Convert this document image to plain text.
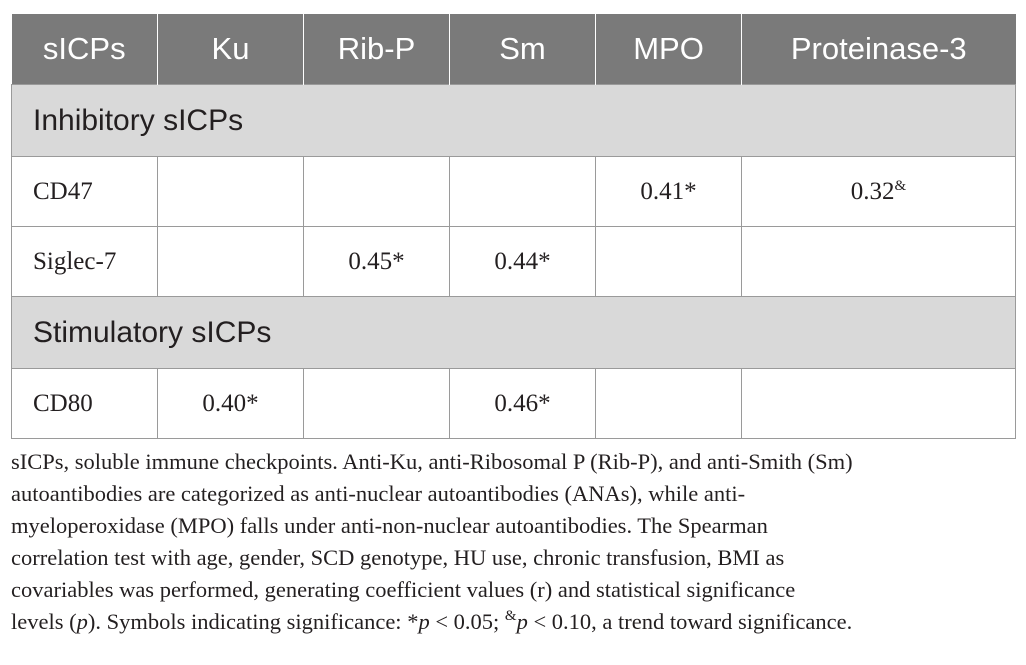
sICPs	Ku	Rib-P	Sm	MPO	Proteinase-3
Inhibitory sICPs					
CD47				0.41*	0.32&
Siglec-7		0.45*	0.44*		
Stimulatory sICPs					
CD80	0.40*		0.46*		
sICPs, soluble immune checkpoints. Anti-Ku, anti-Ribosomal P (Rib-P), and anti-Smith (Sm)
autoantibodies are categorized as anti-nuclear autoantibodies (ANAs), while anti-
myeloperoxidase (MPO) falls under anti-non-nuclear autoantibodies. The Spearman
correlation test with age, gender, SCD genotype, HU use, chronic transfusion, BMI as
covariables was performed, generating coefficient values (r) and statistical significance
levels (p). Symbols indicating significance: *p < 0.05; &p < 0.10, a trend toward significance.
